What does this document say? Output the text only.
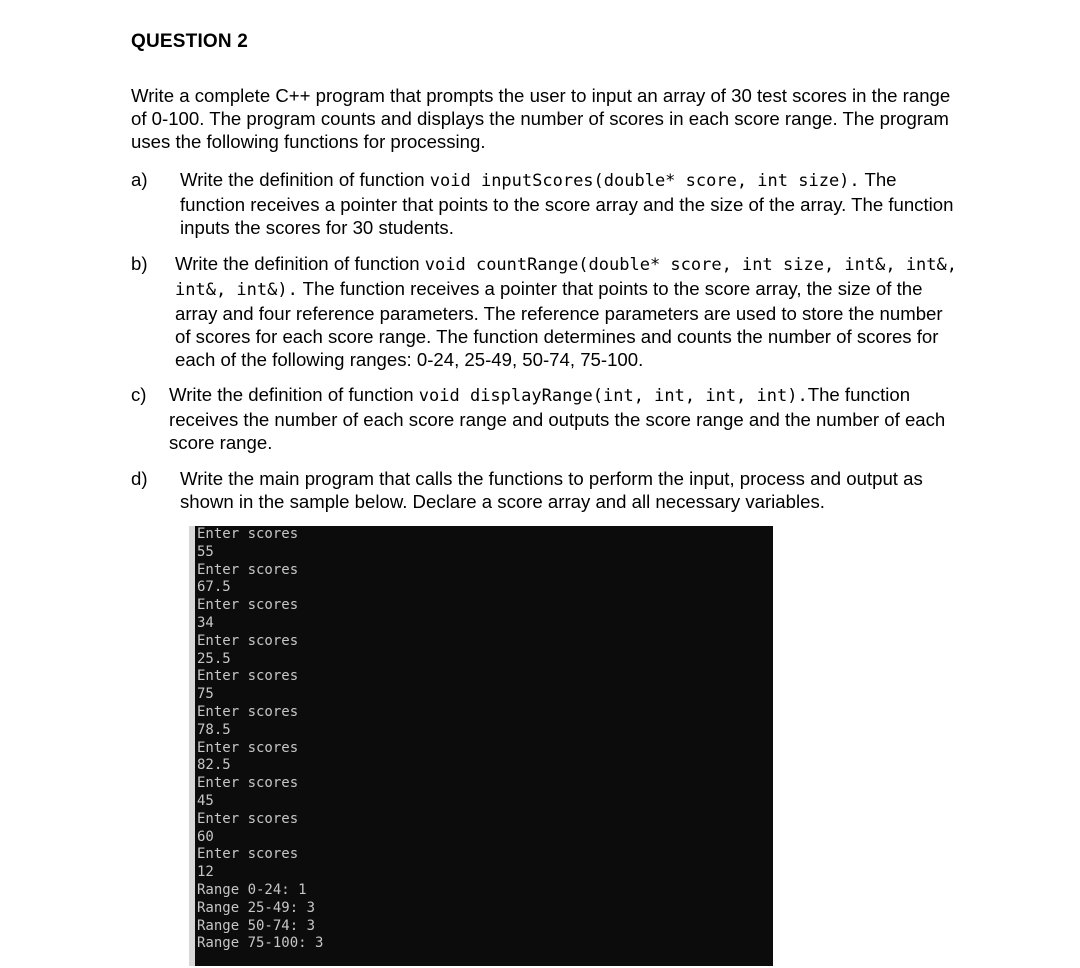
QUESTION 2
Write a complete C++ program that prompts the user to input an array of 30 test scores in the range of 0-100. The program counts and displays the number of scores in each score range. The program uses the following functions for processing.
a) Write the definition of function void inputScores(double* score, int size). The function receives a pointer that points to the score array and the size of the array. The function inputs the scores for 30 students.
b) Write the definition of function void countRange(double* score, int size, int&, int&, int&, int&). The function receives a pointer that points to the score array, the size of the array and four reference parameters. The reference parameters are used to store the number of scores for each score range. The function determines and counts the number of scores for each of the following ranges: 0-24, 25-49, 50-74, 75-100.
c) Write the definition of function void displayRange(int, int, int, int).The function receives the number of each score range and outputs the score range and the number of each score range.
d) Write the main program that calls the functions to perform the input, process and output as shown in the sample below. Declare a score array and all necessary variables.
Enter scores
55
Enter scores
67.5
Enter scores
34
Enter scores
25.5
Enter scores
75
Enter scores
78.5
Enter scores
82.5
Enter scores
45
Enter scores
60
Enter scores
12
Range 0-24: 1
Range 25-49: 3
Range 50-74: 3
Range 75-100: 3
